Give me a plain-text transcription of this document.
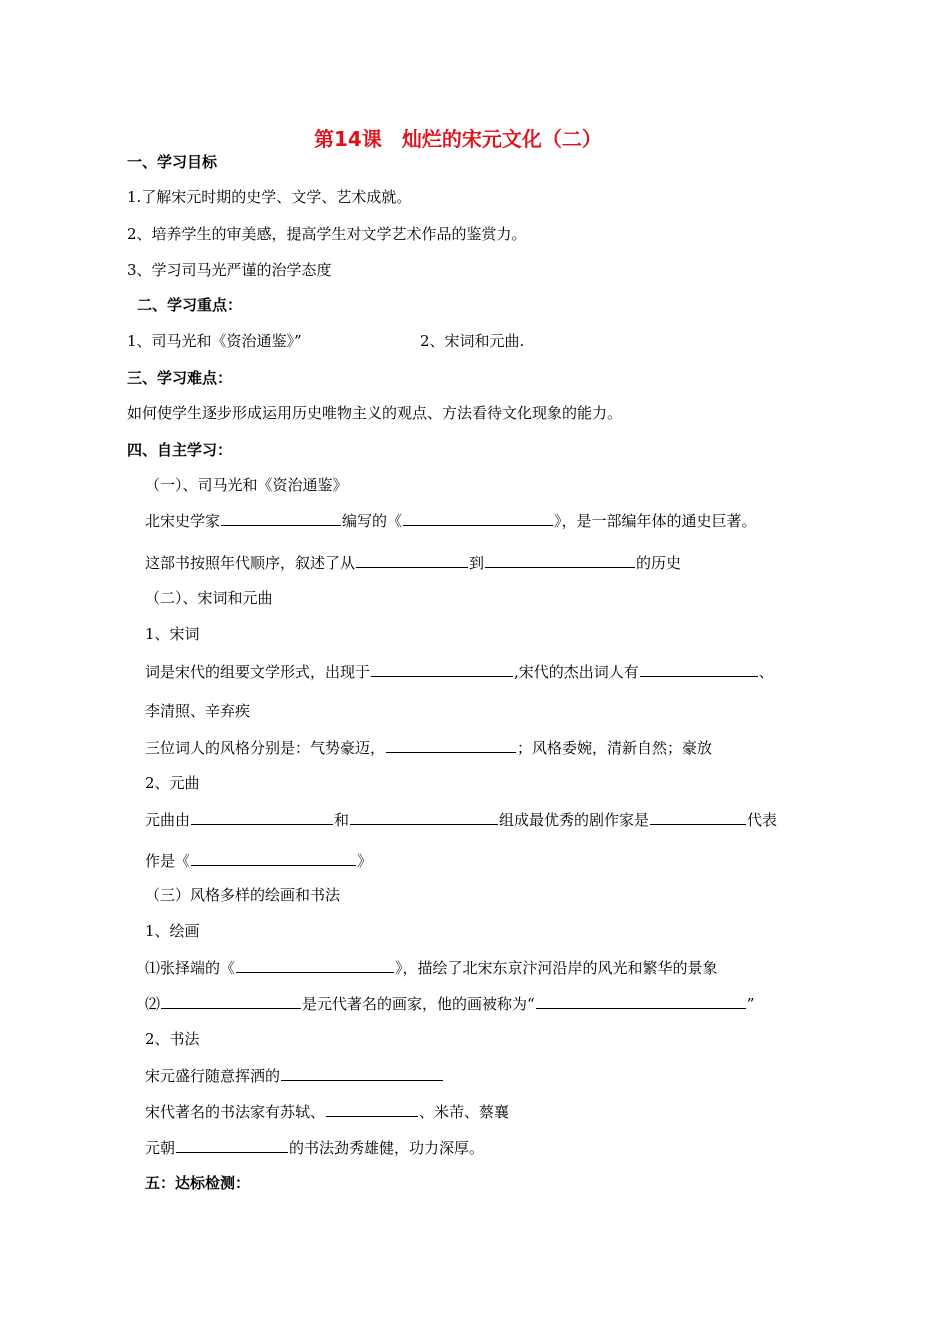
第14课　灿烂的宋元文化（二）
一、学习目标
1.了解宋元时期的史学、文学、艺术成就。
2、培养学生的审美感，提高学生对文学艺术作品的鉴赏力。
3、学习司马光严谨的治学态度
二、学习重点：
1、司马光和《资治通鉴》”	2、宋词和元曲.
三、学习难点：
如何使学生逐步形成运用历史唯物主义的观点、方法看待文化现象的能力。
四、自主学习：
（一）、司马光和《资治通鉴》
北宋史学家	编写的《	》，是一部编年体的通史巨著。
这部书按照年代顺序，叙述了从	到	的历史
（二）、宋词和元曲
1、宋词
词是宋代的组要文学形式，出现于	,宋代的杰出词人有	、
李清照、辛弃疾
三位词人的风格分别是：气势豪迈，	；风格委婉，清新自然；豪放
2、元曲
元曲由	和	组成最优秀的剧作家是	代表
作是《	》
（三）风格多样的绘画和书法
1、绘画
⑴张择端的《	》，描绘了北宋东京汴河沿岸的风光和繁华的景象
⑵	是元代著名的画家，他的画被称为“	”
2、书法
宋元盛行随意挥洒的
宋代著名的书法家有苏轼、	、米芾、蔡襄
元朝	的书法劲秀雄健，功力深厚。
五：达标检测：
